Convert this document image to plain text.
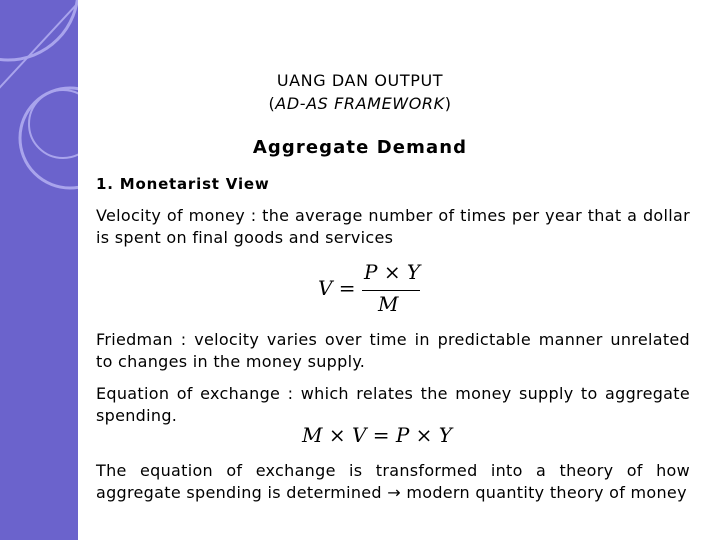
UANG DAN OUTPUT
(AD-AS FRAMEWORK)
Aggregate Demand
1. Monetarist View
Velocity of money : the average number of times per year that a dollar is spent on final goods and services
V =
P × Y
M
Friedman : velocity varies over time in predictable manner unrelated to changes in the money supply.
Equation of exchange : which relates the money supply to aggregate spending.
M × V = P × Y
The equation of exchange is transformed into a theory of how aggregate spending is determined → modern quantity theory of money
